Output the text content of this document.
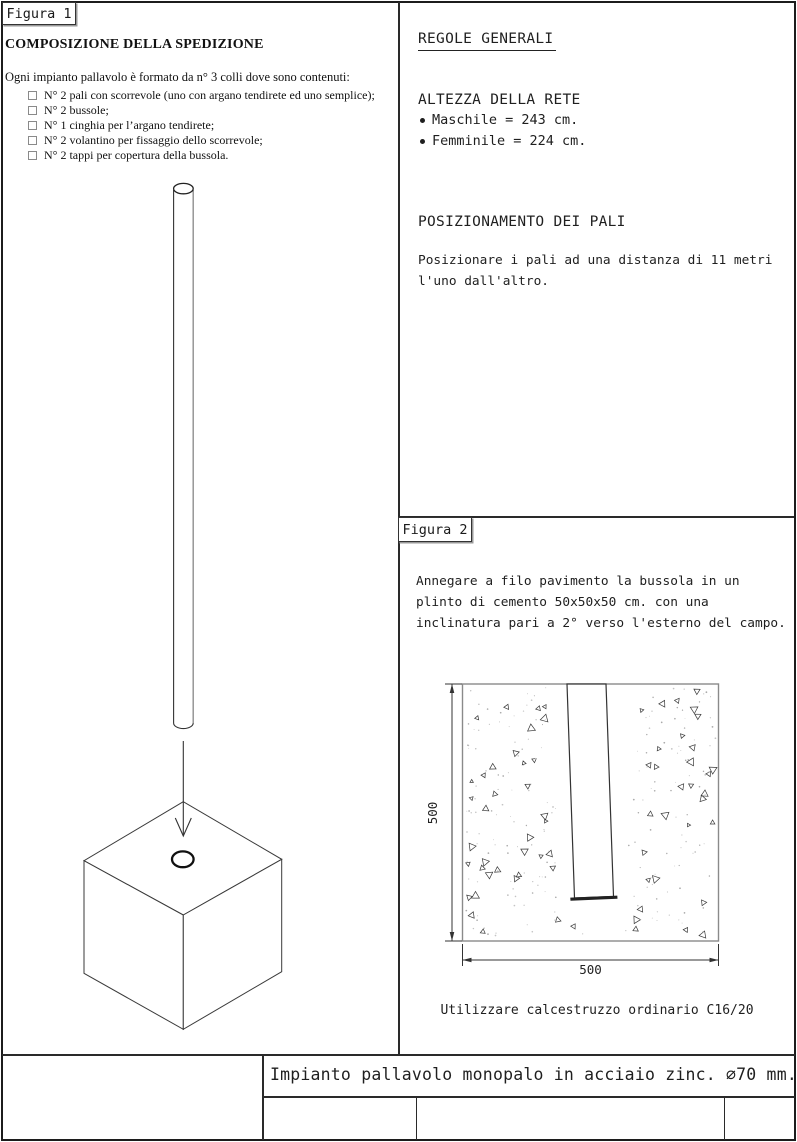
Figura 1
COMPOSIZIONE DELLA SPEDIZIONE
Ogni impianto pallavolo è formato da n° 3 colli dove sono contenuti:
N° 2 pali con scorrevole (uno con argano tendirete ed uno semplice);
N° 2 bussole;
N° 1 cinghia per l’argano tendirete;
N° 2 volantino per fissaggio dello scorrevole;
N° 2 tappi per copertura della bussola.
REGOLE GENERALI
ALTEZZA DELLA RETE
Maschile = 243 cm.
Femminile = 224 cm.
POSIZIONAMENTO DEI PALI
Posizionare i pali ad una distanza di 11 metri
l'uno dall'altro.
Figura 2
Annegare a filo pavimento la bussola in un
plinto di cemento 50x50x50 cm. con una
inclinatura pari a 2° verso l'esterno del campo.
500
500
Utilizzare calcestruzzo ordinario C16/20
Impianto pallavolo monopalo in acciaio zinc. ∅70 mm.
